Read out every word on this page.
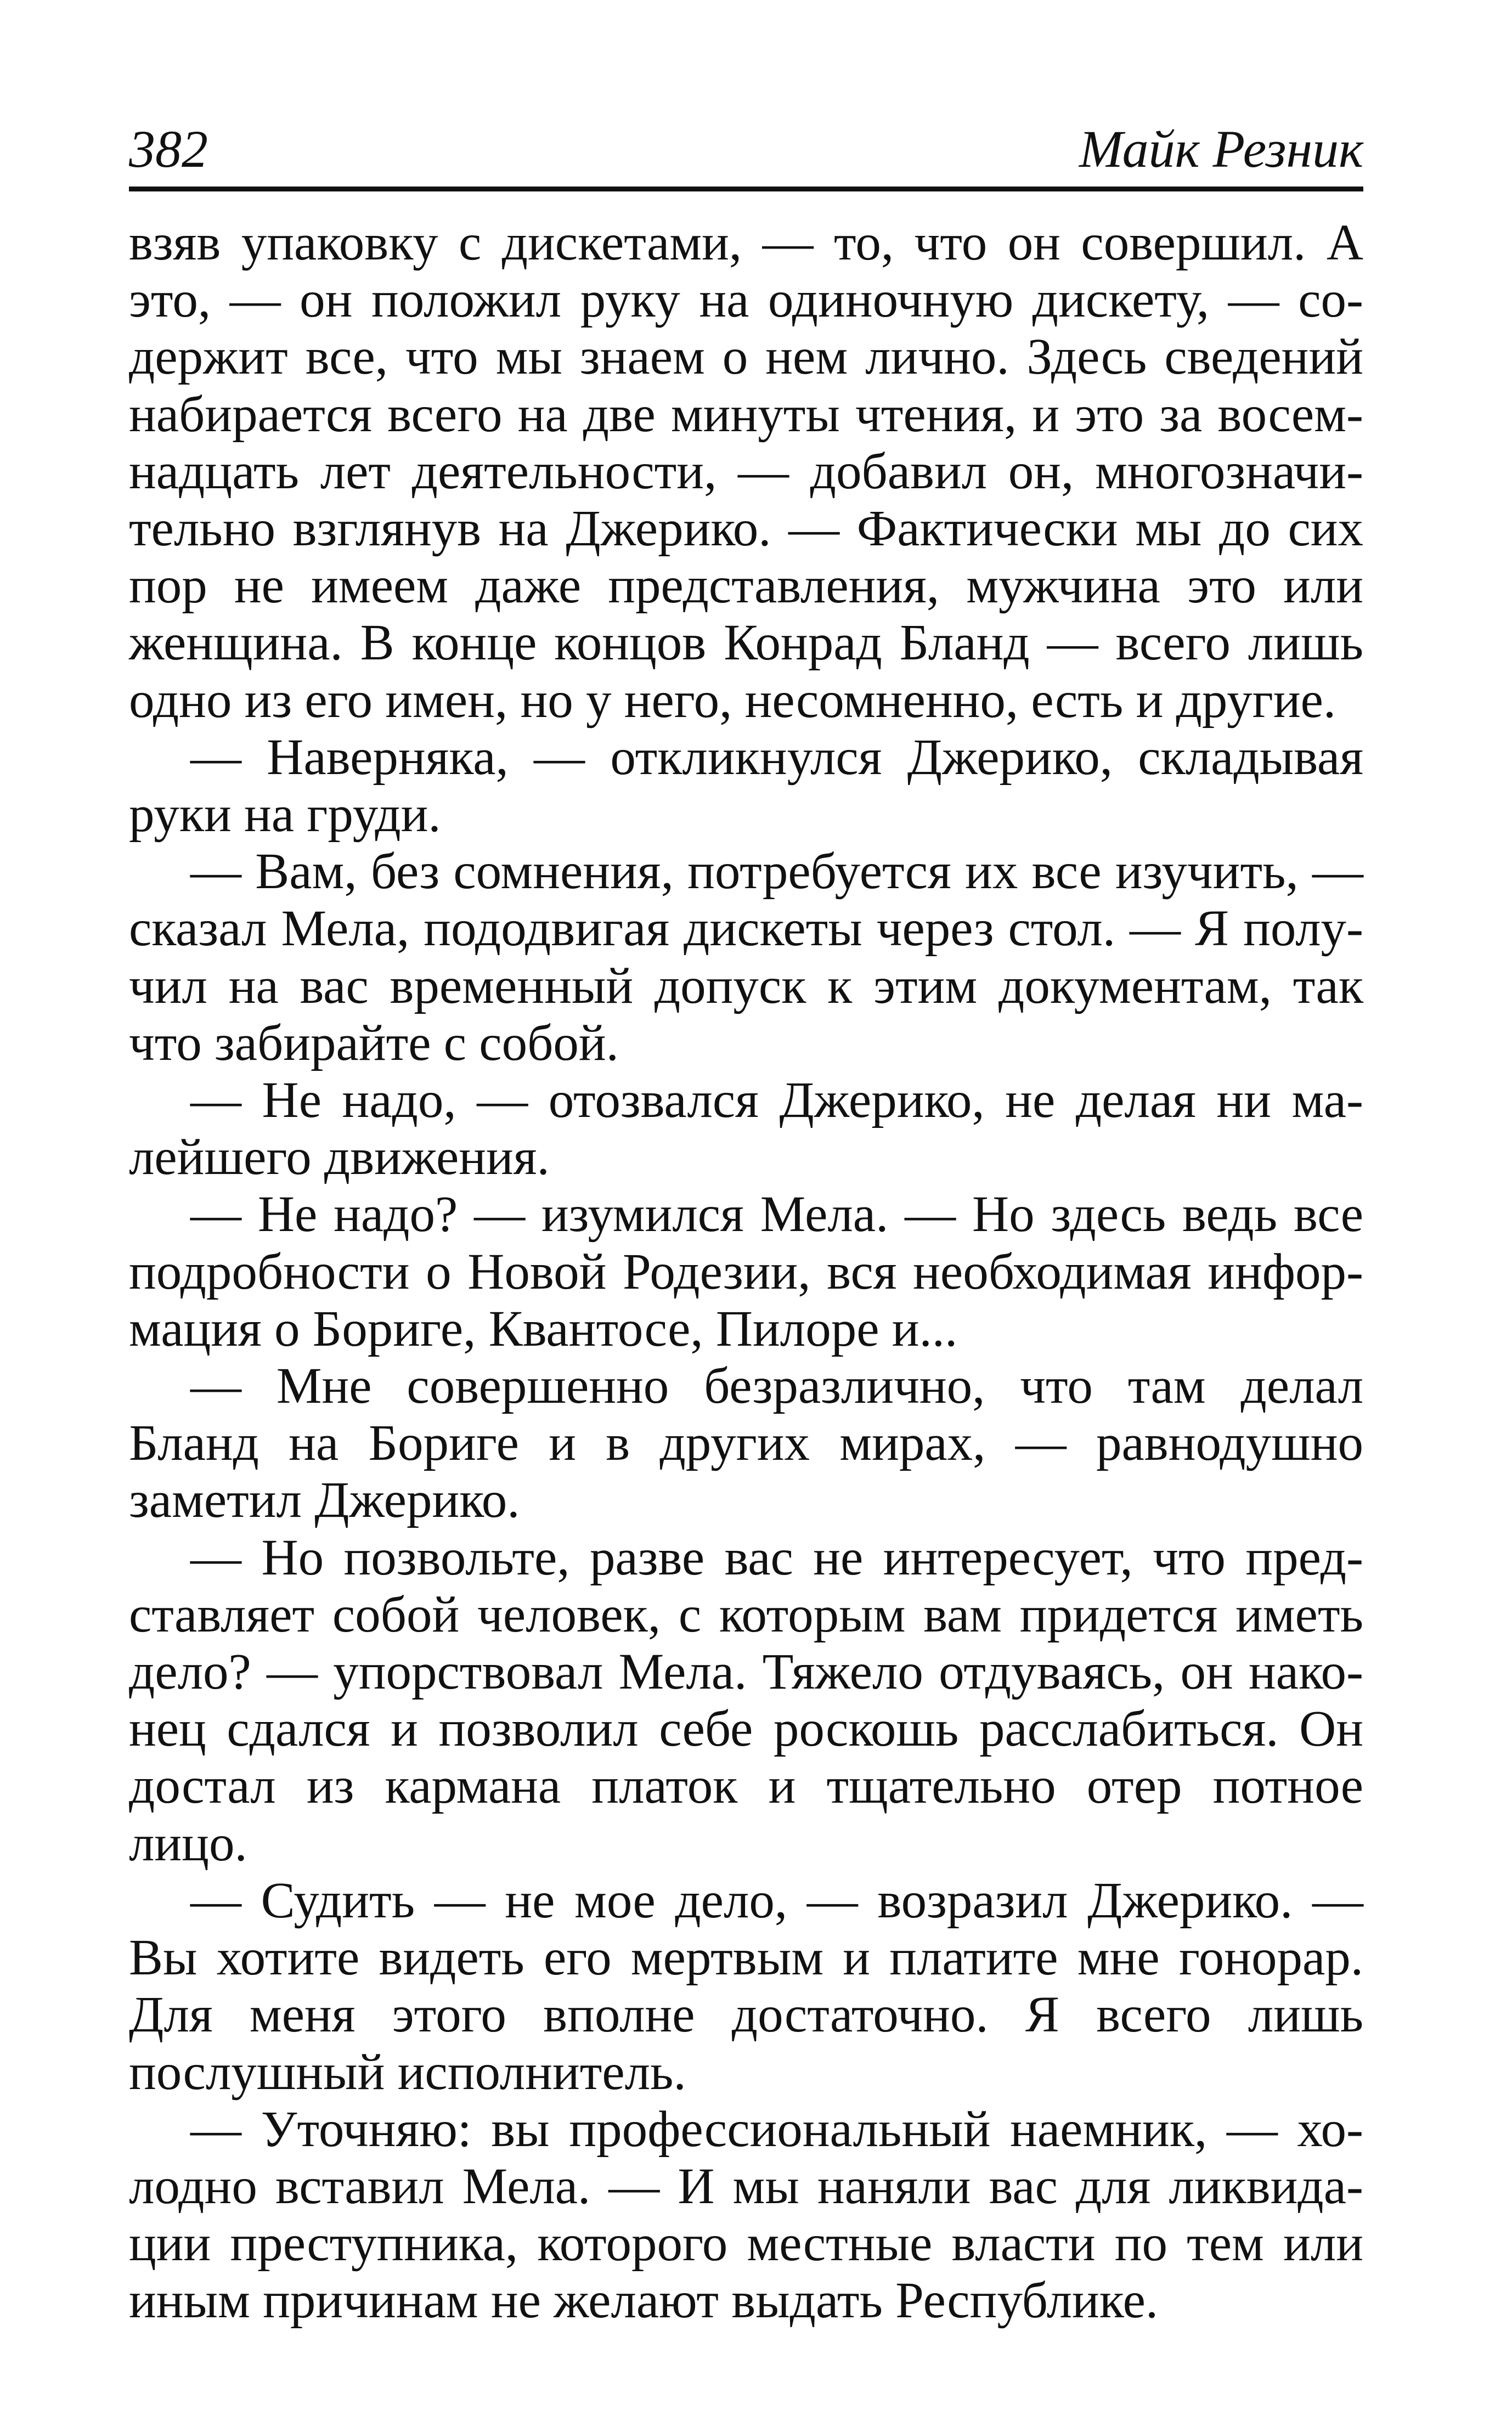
382	Майк Резник

взяв упаковку с дискетами, — то, что он совершил. А это, — он положил руку на одиночную дискету, — содержит все, что мы знаем о нем лично. Здесь сведений набирается всего на две минуты чтения, и это за восемнадцать лет деятельности, — добавил он, многозначительно взглянув на Джерико. — Фактически мы до сих пор не имеем даже представления, мужчина это или женщина. В конце концов Конрад Бланд — всего лишь одно из его имен, но у него, несомненно, есть и другие.

— Наверняка, — откликнулся Джерико, складывая руки на груди.

— Вам, без сомнения, потребуется их все изучить, — сказал Мела, пододвигая дискеты через стол. — Я получил на вас временный допуск к этим документам, так что забирайте с собой.

— Не надо, — отозвался Джерико, не делая ни малейшего движения.

— Не надо? — изумился Мела. — Но здесь ведь все подробности о Новой Родезии, вся необходимая информация о Бориге, Квантосе, Пилоре и...

— Мне совершенно безразлично, что там делал Бланд на Бориге и в других мирах, — равнодушно заметил Джерико.

— Но позвольте, разве вас не интересует, что представляет собой человек, с которым вам придется иметь дело? — упорствовал Мела. Тяжело отдуваясь, он наконец сдался и позволил себе роскошь расслабиться. Он достал из кармана платок и тщательно отер потное лицо.

— Судить — не мое дело, — возразил Джерико. — Вы хотите видеть его мертвым и платите мне гонорар. Для меня этого вполне достаточно. Я всего лишь послушный исполнитель.

— Уточняю: вы профессиональный наемник, — холодно вставил Мела. — И мы наняли вас для ликвидации преступника, которого местные власти по тем или иным причинам не желают выдать Республике.
